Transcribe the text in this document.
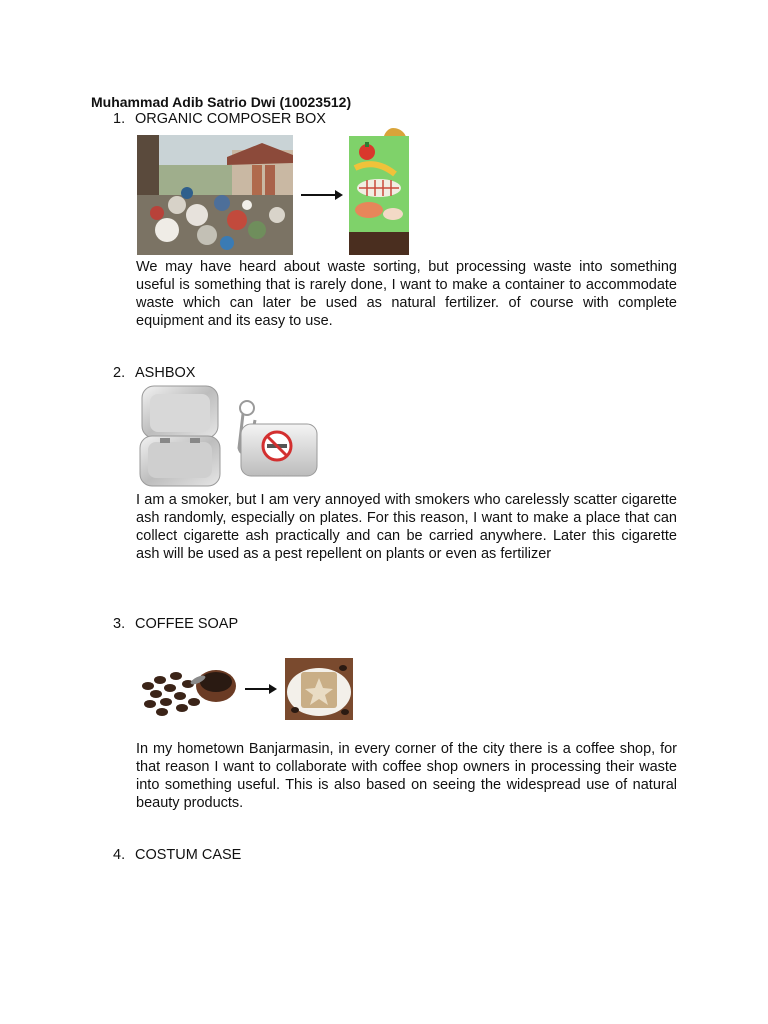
Muhammad Adib Satrio Dwi (10023512)
1. ORGANIC COMPOSER BOX

We may have heard about waste sorting, but processing waste into something useful is something that is rarely done, I want to make a container to accommodate waste which can later be used as natural fertilizer. of course with complete equipment and its easy to use.

2. ASHBOX

I am a smoker, but I am very annoyed with smokers who carelessly scatter cigarette ash randomly, especially on plates. For this reason, I want to make a place that can collect cigarette ash practically and can be carried anywhere. Later this cigarette ash will be used as a pest repellent on plants or even as fertilizer

3. COFFEE SOAP

In my hometown Banjarmasin, in every corner of the city there is a coffee shop, for that reason I want to collaborate with coffee shop owners in processing their waste into something useful. This is also based on seeing the widespread use of natural beauty products.

4. COSTUM CASE
